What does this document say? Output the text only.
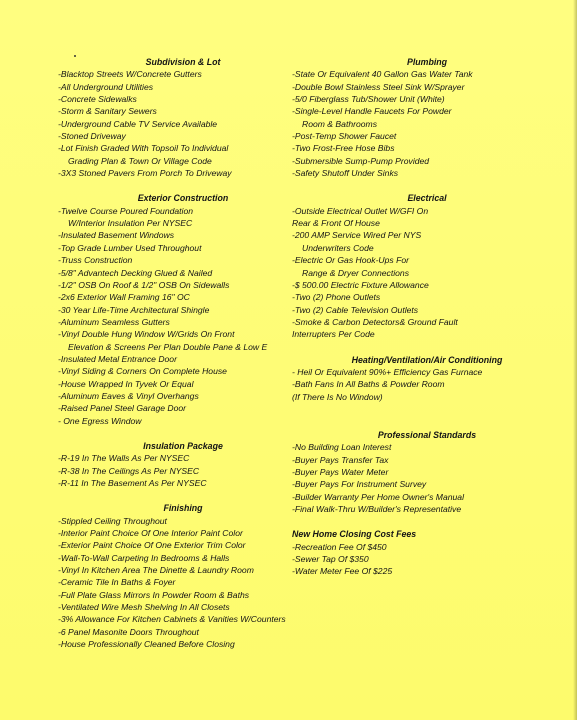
Subdivision & Lot

-Blacktop Streets W/Concrete Gutters

-All Underground Utilities

-Concrete Sidewalks

-Storm & Sanitary Sewers

-Underground Cable TV Service Available

-Stoned Driveway

-Lot Finish Graded With Topsoil To Individual

Grading Plan & Town Or Village Code

-3X3 Stoned Pavers From Porch To Driveway

Exterior Construction

-Twelve Course Poured Foundation

W/Interior Insulation Per NYSEC

-Insulated Basement Windows

-Top Grade Lumber Used Throughout

-Truss Construction

-5/8" Advantech Decking Glued & Nailed

-1/2" OSB On Roof & 1/2" OSB On Sidewalls

-2x6 Exterior Wall Framing 16" OC

-30 Year Life-Time Architectural Shingle

-Aluminum Seamless Gutters

-Vinyl Double Hung Window W/Grids On Front

Elevation & Screens Per Plan Double Pane & Low E

-Insulated Metal Entrance Door

-Vinyl Siding & Corners On Complete House

-House Wrapped In Tyvek Or Equal

-Aluminum Eaves & Vinyl Overhangs

-Raised Panel Steel Garage Door

- One Egress Window

Insulation Package

-R-19 In The Walls As Per NYSEC

-R-38 In The Ceilings As Per NYSEC

-R-11 In The Basement As Per NYSEC

Finishing

-Stippled Ceiling Throughout

-Interior Paint Choice Of One Interior Paint Color

-Exterior Paint Choice Of One Exterior Trim Color

-Wall-To-Wall Carpeting In Bedrooms & Halls

-Vinyl In Kitchen Area The Dinette & Laundry Room

-Ceramic Tile In Baths & Foyer

-Full Plate Glass Mirrors In Powder Room & Baths

-Ventilated Wire Mesh Shelving In All Closets

-3% Allowance For Kitchen Cabinets & Vanities W/Counters

-6 Panel Masonite Doors Throughout

-House Professionally Cleaned Before Closing

Plumbing

-State Or Equivalent 40 Gallon Gas Water Tank

-Double Bowl Stainless Steel Sink W/Sprayer

-5/0 Fiberglass Tub/Shower Unit (White)

-Single-Level Handle Faucets For Powder

Room & Bathrooms

-Post-Temp Shower Faucet

-Two Frost-Free Hose Bibs

-Submersible Sump-Pump Provided

-Safety Shutoff Under Sinks

Electrical

-Outside Electrical Outlet W/GFI On

Rear & Front Of House

-200 AMP Service Wired Per NYS

Underwriters Code

-Electric Or Gas Hook-Ups For

Range & Dryer Connections

-$ 500.00 Electric Fixture Allowance

-Two (2) Phone Outlets

-Two (2) Cable Television Outlets

-Smoke & Carbon Detectors& Ground Fault

Interrupters Per Code

Heating/Ventilation/Air Conditioning

- Heil Or Equivalent 90%+ Efficiency Gas Furnace

-Bath Fans In All Baths & Powder Room

(If There Is No Window)

Professional Standards

-No Building Loan Interest

-Buyer Pays Transfer Tax

-Buyer Pays Water Meter

-Buyer Pays For Instrument Survey

-Builder Warranty Per Home Owner's Manual

-Final Walk-Thru W/Builder's Representative

New Home Closing Cost Fees

-Recreation Fee Of $450

-Sewer Tap Of $350

-Water Meter Fee Of $225
